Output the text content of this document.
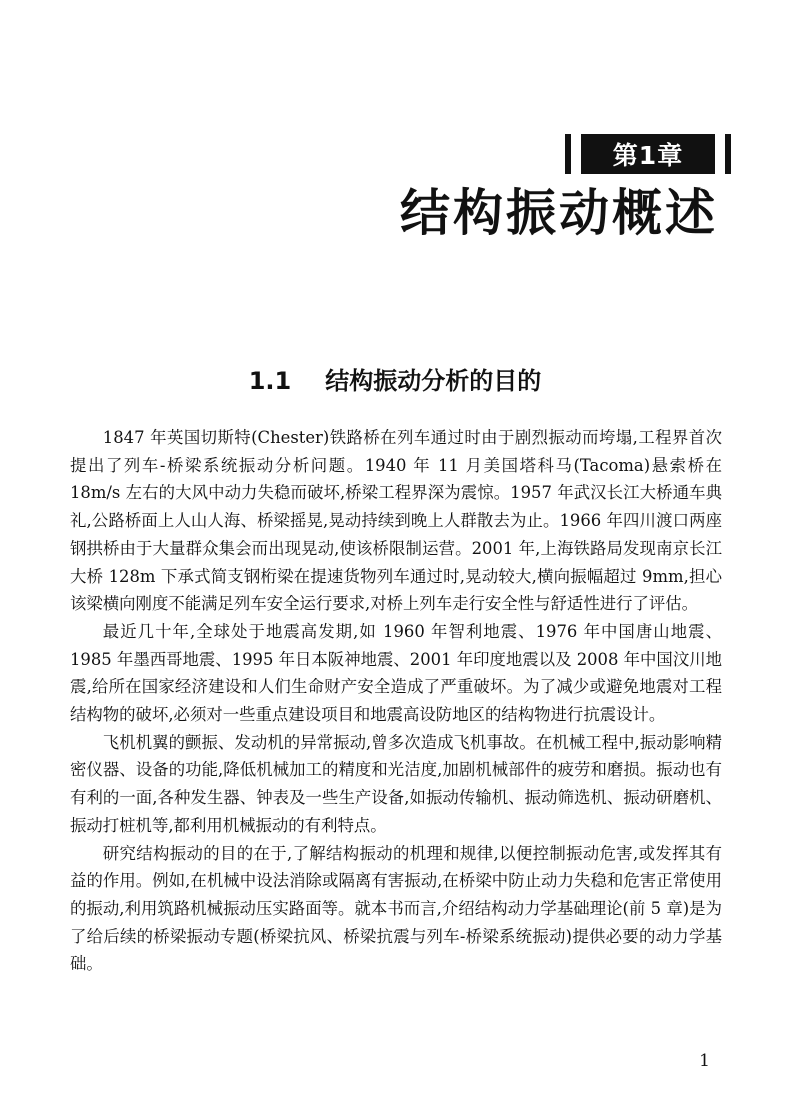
第1章
结构振动概述
1.1 结构振动分析的目的

1847 年英国切斯特(Chester)铁路桥在列车通过时由于剧烈振动而垮塌,工程界首次提出了列车-桥梁系统振动分析问题。1940 年 11 月美国塔科马(Tacoma)悬索桥在 18m/s 左右的大风中动力失稳而破坏,桥梁工程界深为震惊。1957 年武汉长江大桥通车典礼,公路桥面上人山人海、桥梁摇晃,晃动持续到晚上人群散去为止。1966 年四川渡口两座钢拱桥由于大量群众集会而出现晃动,使该桥限制运营。2001 年,上海铁路局发现南京长江大桥 128m 下承式简支钢桁梁在提速货物列车通过时,晃动较大,横向振幅超过 9mm,担心该梁横向刚度不能满足列车安全运行要求,对桥上列车走行安全性与舒适性进行了评估。

最近几十年,全球处于地震高发期,如 1960 年智利地震、1976 年中国唐山地震、1985 年墨西哥地震、1995 年日本阪神地震、2001 年印度地震以及 2008 年中国汶川地震,给所在国家经济建设和人们生命财产安全造成了严重破坏。为了减少或避免地震对工程结构物的破坏,必须对一些重点建设项目和地震高设防地区的结构物进行抗震设计。

飞机机翼的颤振、发动机的异常振动,曾多次造成飞机事故。在机械工程中,振动影响精密仪器、设备的功能,降低机械加工的精度和光洁度,加剧机械部件的疲劳和磨损。振动也有有利的一面,各种发生器、钟表及一些生产设备,如振动传输机、振动筛选机、振动研磨机、振动打桩机等,都利用机械振动的有利特点。

研究结构振动的目的在于,了解结构振动的机理和规律,以便控制振动危害,或发挥其有益的作用。例如,在机械中设法消除或隔离有害振动,在桥梁中防止动力失稳和危害正常使用的振动,利用筑路机械振动压实路面等。就本书而言,介绍结构动力学基础理论(前 5 章)是为了给后续的桥梁振动专题(桥梁抗风、桥梁抗震与列车-桥梁系统振动)提供必要的动力学基础。

1
